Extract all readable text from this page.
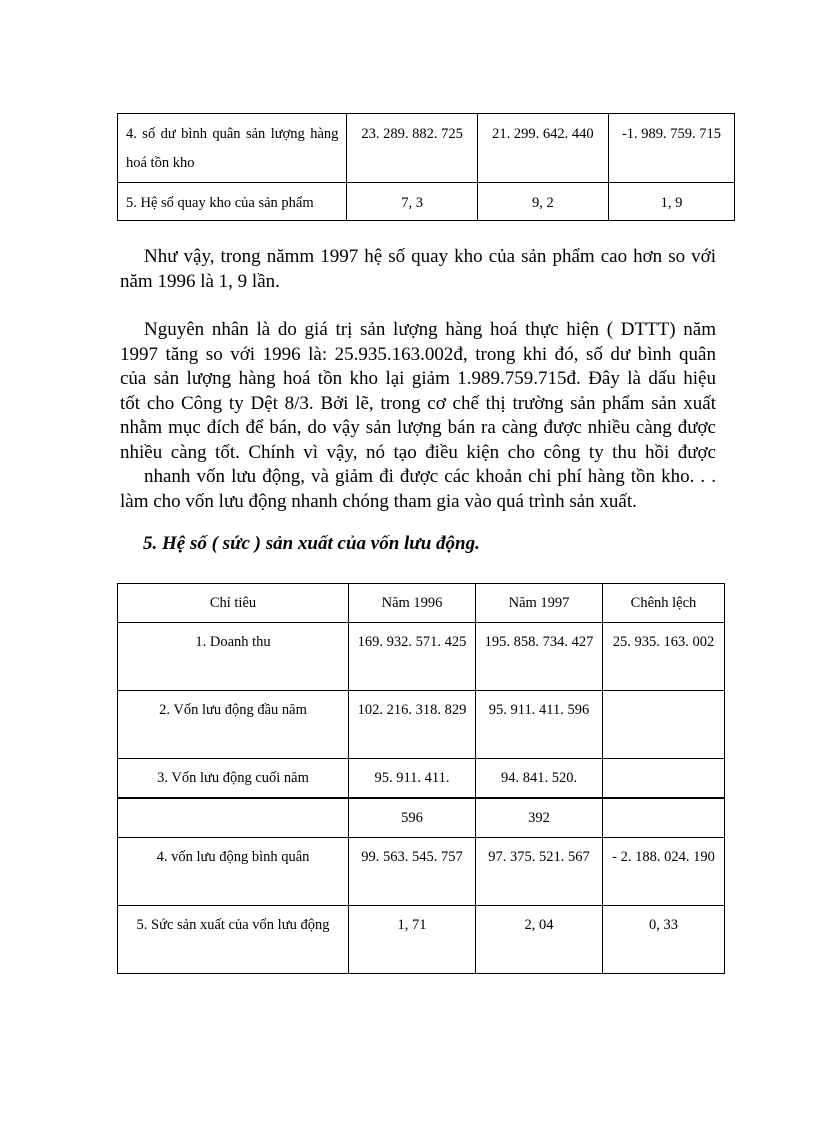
4. số dư bình quân sản lượng hàng hoá tồn kho	23. 289. 882. 725	21. 299. 642. 440	-1. 989. 759. 715
5. Hệ số quay kho của sản phẩm	7, 3	9, 2	1, 9

Như vậy, trong nămm 1997 hệ số quay kho của sản phẩm cao hơn so với
năm 1996 là 1, 9 lần.

Nguyên nhân là do giá trị sản lượng hàng hoá thực hiện ( DTTT) năm
1997 tăng so với 1996 là: 25.935.163.002đ, trong khi đó, số dư bình quân
của sản lượng hàng hoá tồn kho lại giảm 1.989.759.715đ. Đây là dấu hiệu
tốt cho Công ty Dệt 8/3. Bởi lẽ, trong cơ chế thị trường sản phẩm sản xuất
nhằm mục đích để bán, do vậy sản lượng bán ra càng được nhiều càng được
nhiều càng tốt. Chính vì vậy, nó tạo điều kiện cho công ty thu hồi được
nhanh vốn lưu động, và giảm đi được các khoản chi phí hàng tồn kho. . .
làm cho vốn lưu động nhanh chóng tham gia vào quá trình sản xuất.

5. Hệ số ( sức ) sản xuất của vốn lưu động.
Chỉ tiêu	Năm 1996	Năm 1997	Chênh lệch
1. Doanh thu	169. 932. 571. 425	195. 858. 734. 427	25. 935. 163. 002
2. Vốn lưu động đầu năm	102. 216. 318. 829	95. 911. 411. 596	
3. Vốn lưu động cuối năm	95. 911. 411.	94. 841. 520.	
	596	392	
4. vốn lưu động bình quân	99. 563. 545. 757	97. 375. 521. 567	- 2. 188. 024. 190
5. Sức sản xuất của vốn lưu động	1, 71	2, 04	0, 33
